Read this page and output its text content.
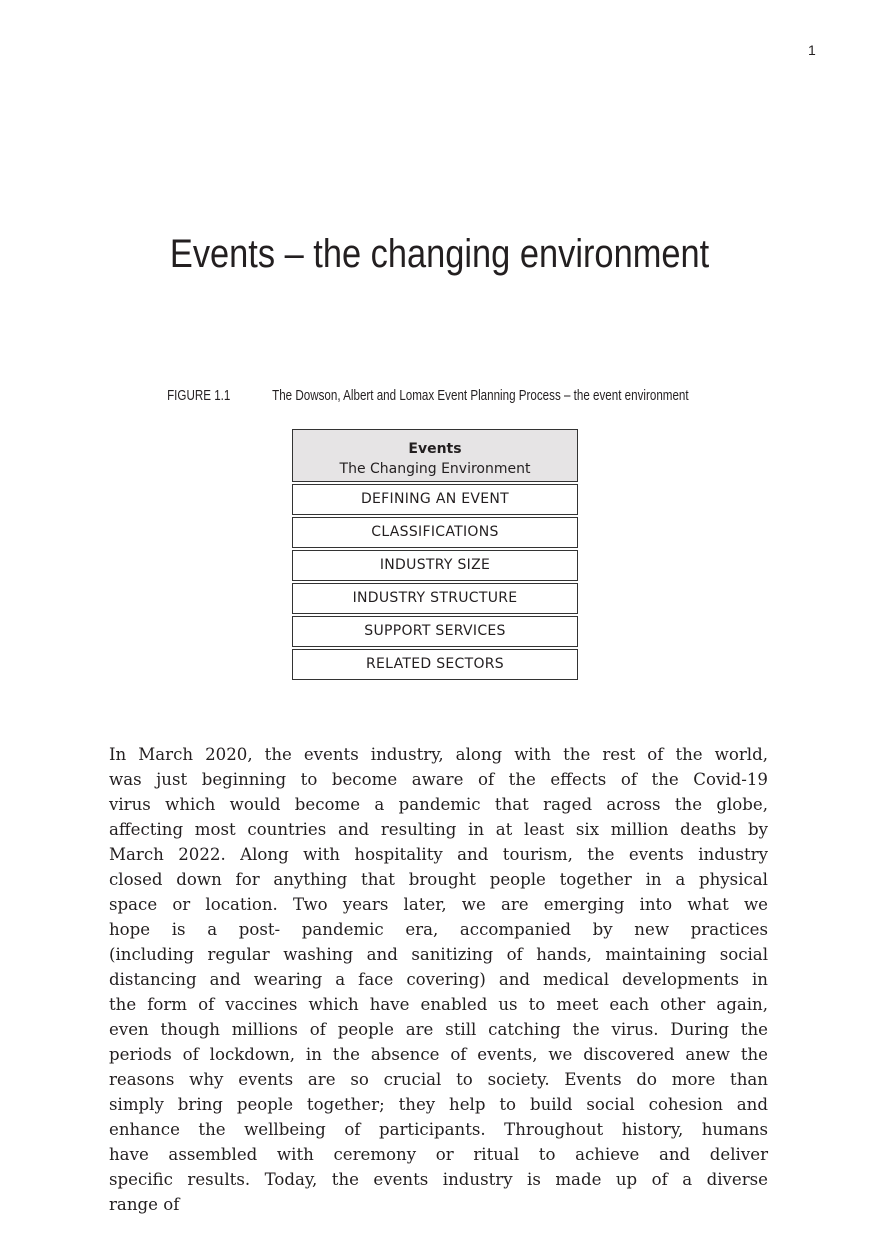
1
Events – the changing environment
FIGURE 1.1	The Dowson, Albert and Lomax Event Planning Process – the event environment
Events
The Changing Environment
DEFINING AN EVENT
CLASSIFICATIONS
INDUSTRY SIZE
INDUSTRY STRUCTURE
SUPPORT SERVICES
RELATED SECTORS
In March 2020, the events industry, along with the rest of the world,
was just beginning to become aware of the effects of the Covid-19
virus which would become a pandemic that raged across the globe,
affecting most countries and resulting in at least six million deaths by
March 2022. Along with hospitality and tourism, the events industry
closed down for anything that brought people together in a physical
space or location. Two years later, we are emerging into what we
hope is a post- pandemic era, accompanied by new practices
(including regular washing and sanitizing of hands, maintaining social
distancing and wearing a face covering) and medical developments in
the form of vaccines which have enabled us to meet each other again,
even though millions of people are still catching the virus. During the
periods of lockdown, in the absence of events, we discovered anew the
reasons why events are so crucial to society. Events do more than
simply bring people together; they help to build social cohesion and
enhance the wellbeing of participants. Throughout history, humans
have assembled with ceremony or ritual to achieve and deliver
specific results. Today, the events industry is made up of a diverse
range of
